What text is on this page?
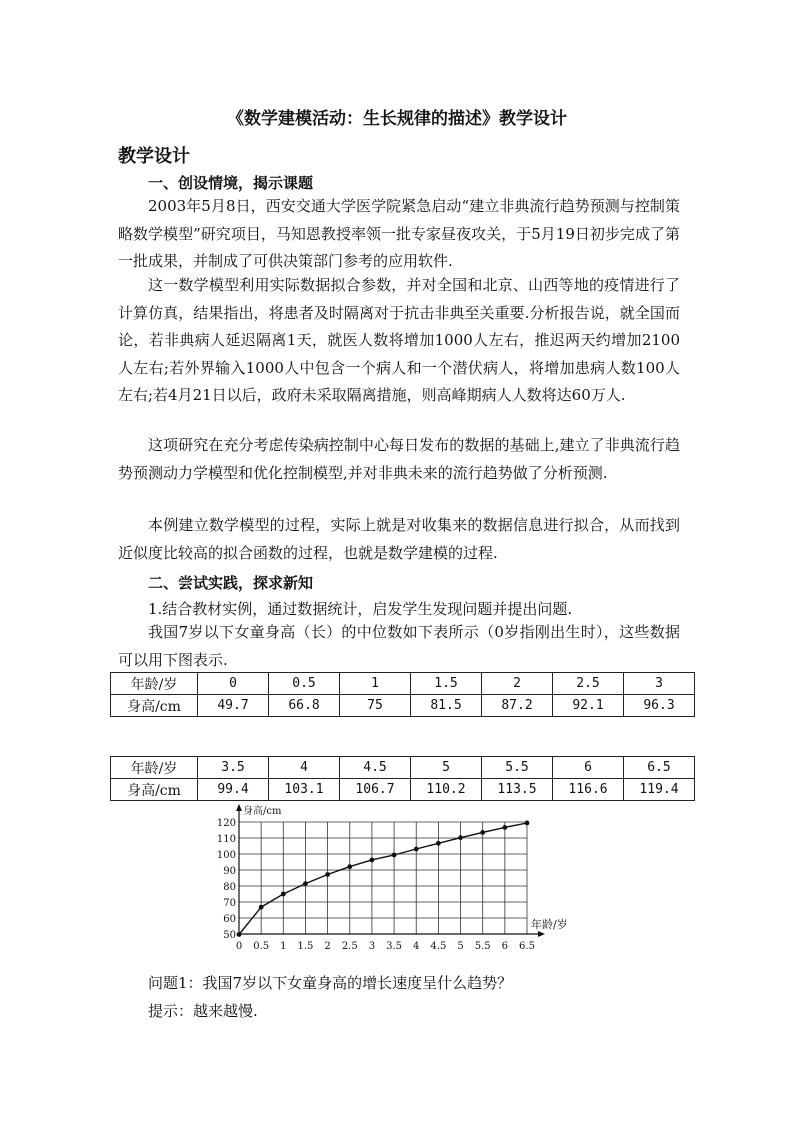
《数学建模活动：生长规律的描述》教学设计
教学设计
一、创设情境，揭示课题
2003年5月8日，西安交通大学医学院紧急启动“建立非典流行趋势预测与控制策略数学模型”研究项目，马知恩教授率领一批专家昼夜攻关，于5月19日初步完成了第一批成果，并制成了可供决策部门参考的应用软件.
这一数学模型利用实际数据拟合参数，并对全国和北京、山西等地的疫情进行了计算仿真，结果指出，将患者及时隔离对于抗击非典至关重要.分析报告说，就全国而论，若非典病人延迟隔离1天，就医人数将增加1000人左右，推迟两天约增加2100人左右;若外界输入1000人中包含一个病人和一个潜伏病人，将增加患病人数100人左右;若4月21日以后，政府未采取隔离措施，则高峰期病人人数将达60万人.
这项研究在充分考虑传染病控制中心每日发布的数据的基础上,建立了非典流行趋势预测动力学模型和优化控制模型,并对非典未来的流行趋势做了分析预测.
本例建立数学模型的过程，实际上就是对收集来的数据信息进行拟合，从而找到近似度比较高的拟合函数的过程，也就是数学建模的过程.
二、尝试实践，探求新知
1.结合教材实例，通过数据统计，启发学生发现问题并提出问题.
我国7岁以下女童身高（长）的中位数如下表所示（0岁指刚出生时），这些数据可以用下图表示.
年龄/岁	0	0.5	1	1.5	2	2.5	3
身高/cm	49.7	66.8	75	81.5	87.2	92.1	96.3
年龄/岁	3.5	4	4.5	5	5.5	6	6.5
身高/cm	99.4	103.1	106.7	110.2	113.5	116.6	119.4
0 0.5 1 1.5 2 2.5 3 3.5 4 4.5 5 5.5 6 6.5
50
60
70
80
90
100
110
120
身高/cm
年龄/岁
问题1：我国7岁以下女童身高的增长速度呈什么趋势？
提示：越来越慢.
